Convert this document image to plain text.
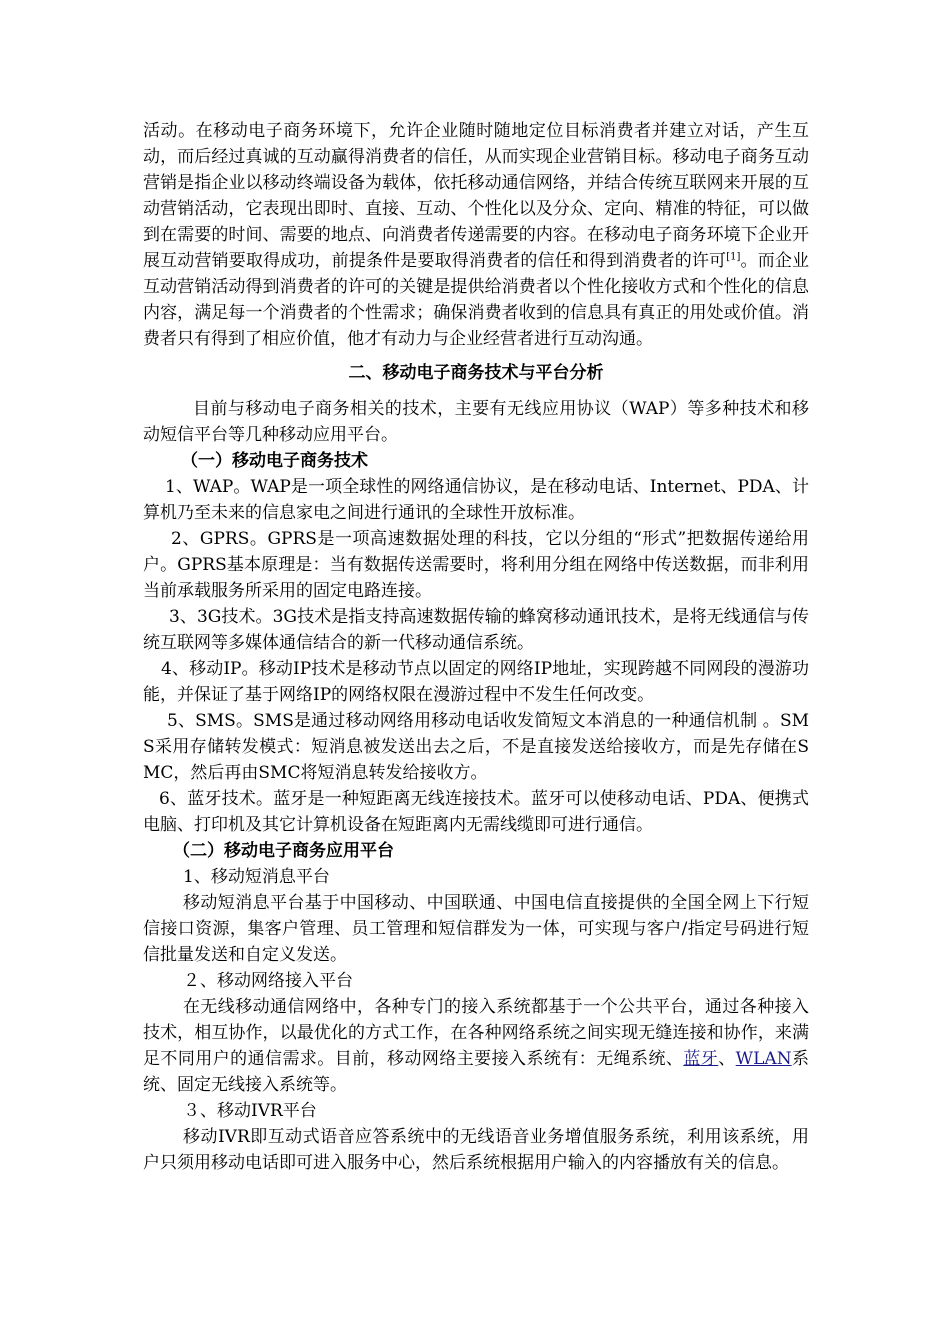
活动。在移动电子商务环境下，允许企业随时随地定位目标消费者并建立对话，产生互动，而后经过真诚的互动赢得消费者的信任，从而实现企业营销目标。移动电子商务互动营销是指企业以移动终端设备为载体，依托移动通信网络，并结合传统互联网来开展的互动营销活动，它表现出即时、直接、互动、个性化以及分众、定向、精准的特征，可以做到在需要的时间、需要的地点、向消费者传递需要的内容。在移动电子商务环境下企业开展互动营销要取得成功，前提条件是要取得消费者的信任和得到消费者的许可[1]。而企业互动营销活动得到消费者的许可的关键是提供给消费者以个性化接收方式和个性化的信息内容，满足每一个消费者的个性需求；确保消费者收到的信息具有真正的用处或价值。消费者只有得到了相应价值，他才有动力与企业经营者进行互动沟通。

二、移动电子商务技术与平台分析

目前与移动电子商务相关的技术，主要有无线应用协议（WAP）等多种技术和移动短信平台等几种移动应用平台。

（一）移动电子商务技术

1、WAP。WAP是一项全球性的网络通信协议，是在移动电话、Internet、PDA、计算机乃至未来的信息家电之间进行通讯的全球性开放标准。

2、GPRS。GPRS是一项高速数据处理的科技，它以分组的“形式”把数据传递给用户。GPRS基本原理是：当有数据传送需要时，将利用分组在网络中传送数据，而非利用当前承载服务所采用的固定电路连接。

3、3G技术。3G技术是指支持高速数据传输的蜂窝移动通讯技术，是将无线通信与传统互联网等多媒体通信结合的新一代移动通信系统。

4、移动IP。移动IP技术是移动节点以固定的网络IP地址，实现跨越不同网段的漫游功能，并保证了基于网络IP的网络权限在漫游过程中不发生任何改变。

5、SMS。SMS是通过移动网络用移动电话收发简短文本消息的一种通信机制 。SMS采用存储转发模式：短消息被发送出去之后，不是直接发送给接收方，而是先存储在SMC，然后再由SMC将短消息转发给接收方。

6、蓝牙技术。蓝牙是一种短距离无线连接技术。蓝牙可以使移动电话、PDA、便携式电脑、打印机及其它计算机设备在短距离内无需线缆即可进行通信。

（二）移动电子商务应用平台

1、移动短消息平台

移动短消息平台基于中国移动、中国联通、中国电信直接提供的全国全网上下行短信接口资源，集客户管理、员工管理和短信群发为一体，可实现与客户/指定号码进行短信批量发送和自定义发送。

２、移动网络接入平台

在无线移动通信网络中，各种专门的接入系统都基于一个公共平台，通过各种接入技术，相互协作，以最优化的方式工作，在各种网络系统之间实现无缝连接和协作，来满足不同用户的通信需求。目前，移动网络主要接入系统有：无绳系统、蓝牙、WLAN系统、固定无线接入系统等。

３、移动IVR平台

移动IVR即互动式语音应答系统中的无线语音业务增值服务系统，利用该系统，用户只须用移动电话即可进入服务中心，然后系统根据用户输入的内容播放有关的信息。
